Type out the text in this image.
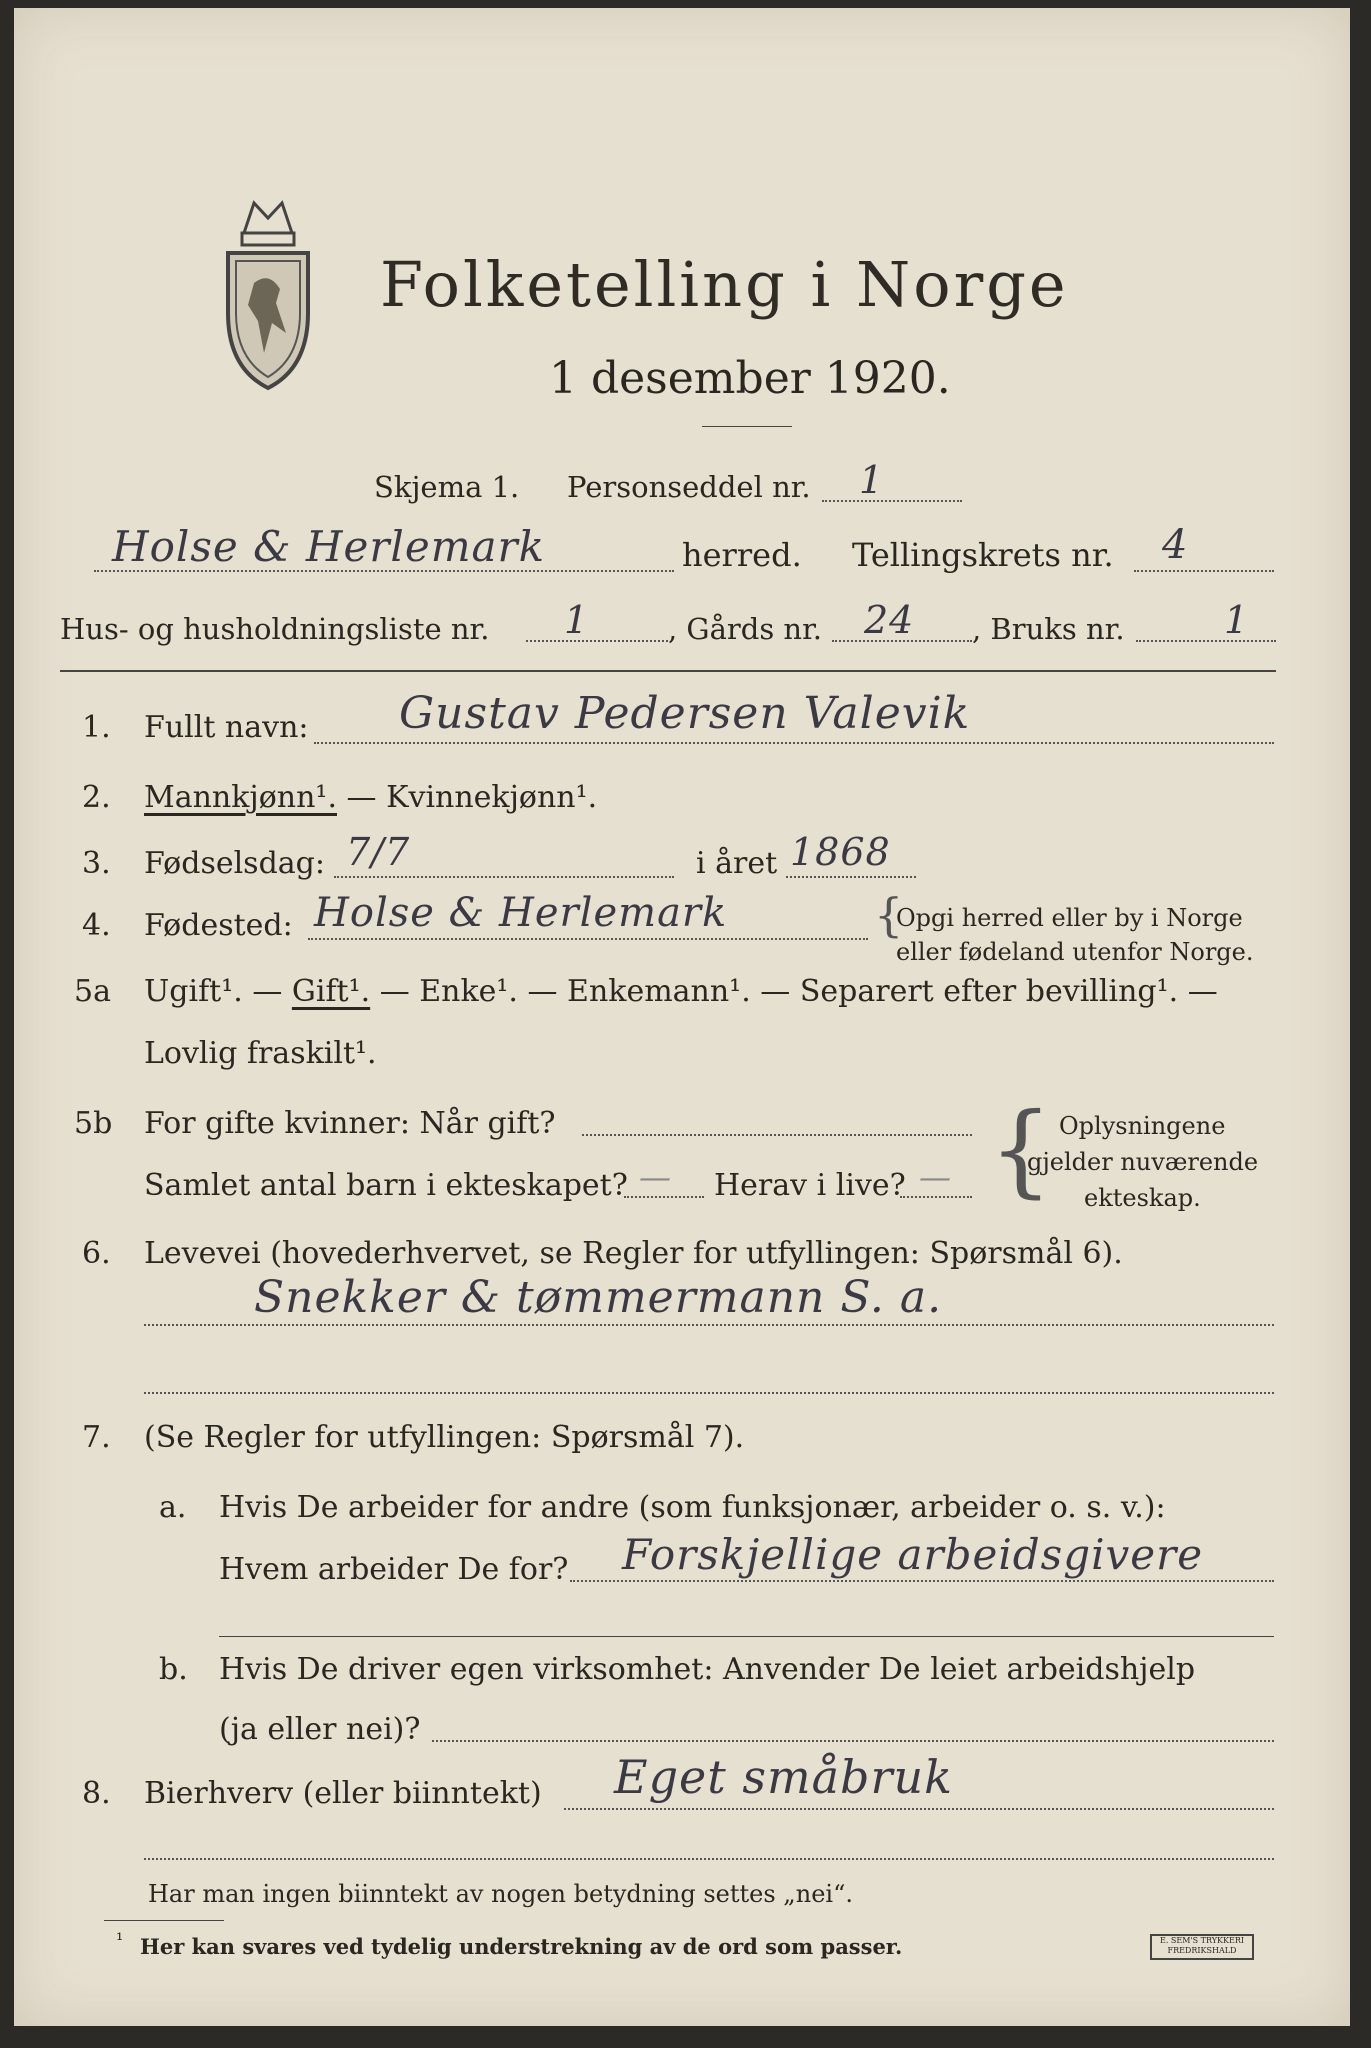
Folketelling i Norge
1 desember 1920.
Skjema 1. Personseddel nr. 1
Holse & Herlemark	herred. Tellingskrets nr. 4
Hus- og husholdningsliste nr. 1	, Gårds nr. 24 , Bruks nr.	1
1. Fullt navn: Gustav Pedersen Valevik
2. Mannkjønn¹. — Kvinnekjønn¹.
3. Fødselsdag: 7/7	i året 1868
4. Fødested: Holse & Herlemark	{
Opgi herred eller by i Norge
eller fødeland utenfor Norge.
5a Ugift¹. — Gift¹. — Enke¹. — Enkemann¹. — Separert efter bevilling¹. —
Lovlig fraskilt¹.
5b For gifte kvinner: Når gift?
Samlet antal barn i ekteskapet? — Herav i live? — { Oplysningene
gjelder nuværende
ekteskap.
6. Levevei (hovederhvervet, se Regler for utfyllingen: Spørsmål 6).
Snekker & tømmermann S. a.
7. (Se Regler for utfyllingen: Spørsmål 7).
a. Hvis De arbeider for andre (som funksjonær, arbeider o. s. v.):
Hvem arbeider De for? Forskjellige arbeidsgivere
b. Hvis De driver egen virksomhet: Anvender De leiet arbeidshjelp
(ja eller nei)?
8. Bierhverv (eller biinntekt) Eget småbruk
Har man ingen biinntekt av nogen betydning settes „nei“.
¹ Her kan svares ved tydelig understrekning av de ord som passer.	E. SEM'S TRYKKERI FREDRIKSHALD
